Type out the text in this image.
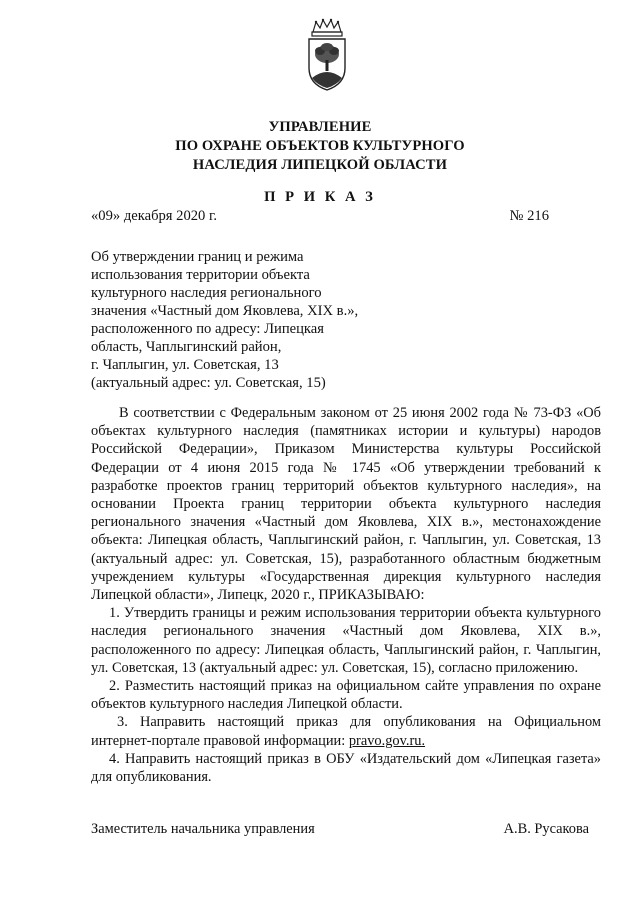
УПРАВЛЕНИЕ
ПО ОХРАНЕ ОБЪЕКТОВ КУЛЬТУРНОГО
НАСЛЕДИЯ ЛИПЕЦКОЙ ОБЛАСТИ
П Р И К А З
«09» декабря 2020 г.	№ 216
Об утверждении границ и режима
использования территории объекта
культурного наследия регионального
значения «Частный дом Яковлева, XIX в.»,
расположенного по адресу: Липецкая
область, Чаплыгинский район,
г. Чаплыгин, ул. Советская, 13
(актуальный адрес: ул. Советская, 15)

В соответствии с Федеральным законом от 25 июня 2002 года № 73-ФЗ «Об объектах культурного наследия (памятниках истории и культуры) народов Российской Федерации», Приказом Министерства культуры Российской Федерации от 4 июня 2015 года № 1745 «Об утверждении требований к разработке проектов границ территорий объектов культурного наследия», на основании Проекта границ территории объекта культурного наследия регионального значения «Частный дом Яковлева, XIX в.», местонахождение объекта: Липецкая область, Чаплыгинский район, г. Чаплыгин, ул. Советская, 13 (актуальный адрес: ул. Советская, 15), разработанного областным бюджетным учреждением культуры «Государственная дирекция культурного наследия Липецкой области», Липецк, 2020 г., ПРИКАЗЫВАЮ:

1. Утвердить границы и режим использования территории объекта культурного наследия регионального значения «Частный дом Яковлева, XIX в.», расположенного по адресу: Липецкая область, Чаплыгинский район, г. Чаплыгин, ул. Советская, 13 (актуальный адрес: ул. Советская, 15), согласно приложению.

2. Разместить настоящий приказ на официальном сайте управления по охране объектов культурного наследия Липецкой области.

3. Направить настоящий приказ для опубликования на Официальном интернет-портале правовой информации: pravo.gov.ru.

4. Направить настоящий приказ в ОБУ «Издательский дом «Липецкая газета» для опубликования.

Заместитель начальника управления	А.В. Русакова
